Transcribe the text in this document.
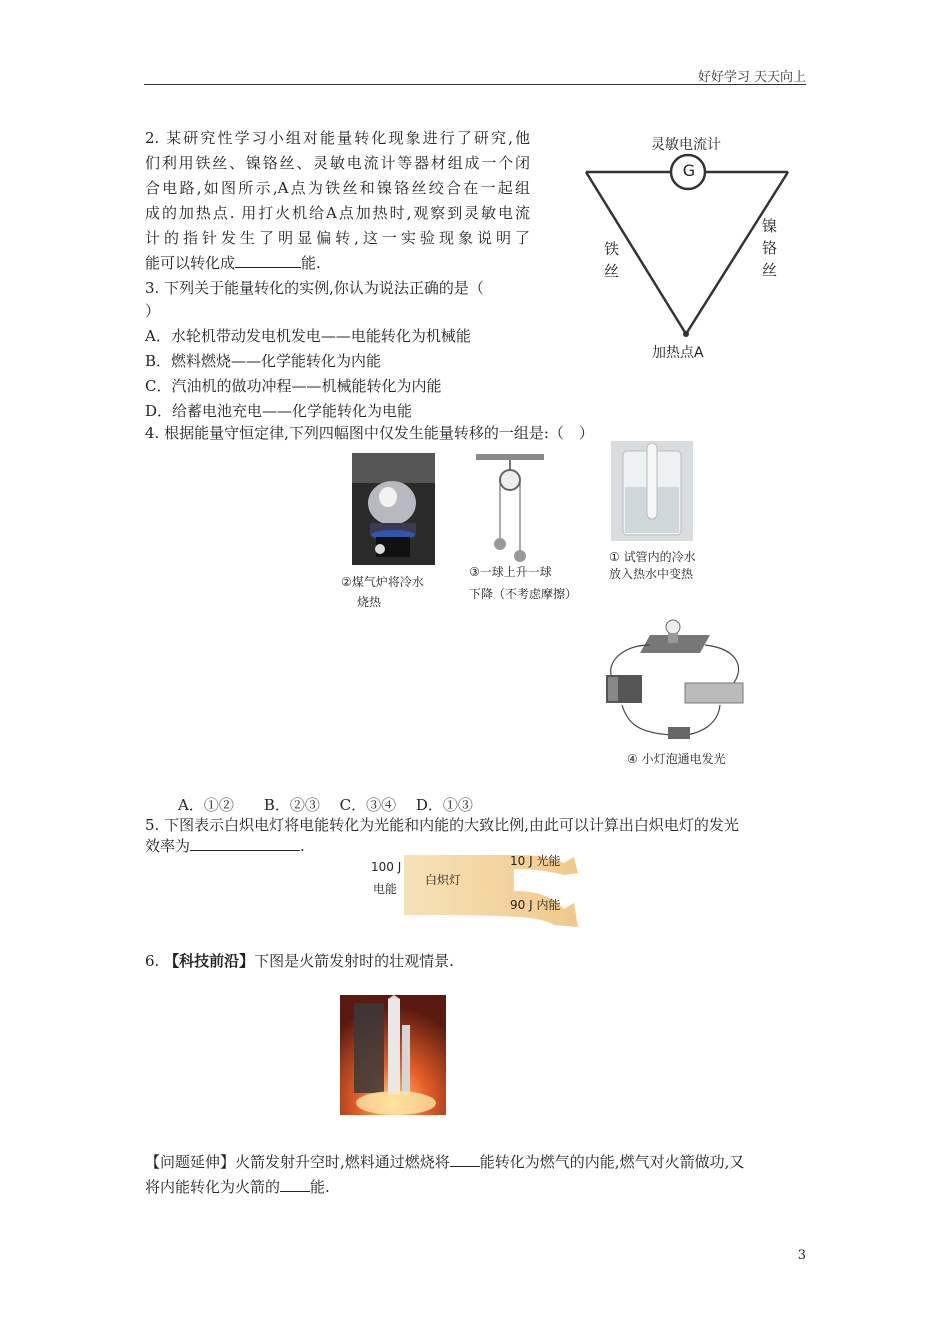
好好学习 天天向上
2. 某研究性学习小组对能量转化现象进行了研究,他
们利用铁丝、镍铬丝、灵敏电流计等器材组成一个闭
合电路,如图所示,A点为铁丝和镍铬丝绞合在一起组
成的加热点. 用打火机给A点加热时,观察到灵敏电流
计的指针发生了明显偏转,这一实验现象说明了
能可以转化成	能.
灵敏电流计
G
铁丝
镍铬丝
加热点A
3. 下列关于能量转化的实例,你认为说法正确的是（
）
A．水轮机带动发电机发电——电能转化为机械能
B．燃料燃烧——化学能转化为内能
C．汽油机的做功冲程——机械能转化为内能
D．给蓄电池充电——化学能转化为电能
4. 根据能量守恒定律,下列四幅图中仅发生能量转移的一组是:（　）
②煤气炉将冷水
烧热
③一球上升一球
下降（不考虑摩擦）
① 试管内的冷水
放入热水中变热
④ 小灯泡通电发光
A．①②　　B．②③　 C．③④　 D．①③
5. 下图表示白炽电灯将电能转化为光能和内能的大致比例,由此可以计算出白炽电灯的发光
效率为	.
100 J
电能
白炽灯
10 J 光能
90 J 内能
6. 【科技前沿】下图是火箭发射时的壮观情景.
【问题延伸】火箭发射升空时,燃料通过燃烧将 能转化为燃气的内能,燃气对火箭做功,又
将内能转化为火箭的 能.
3
